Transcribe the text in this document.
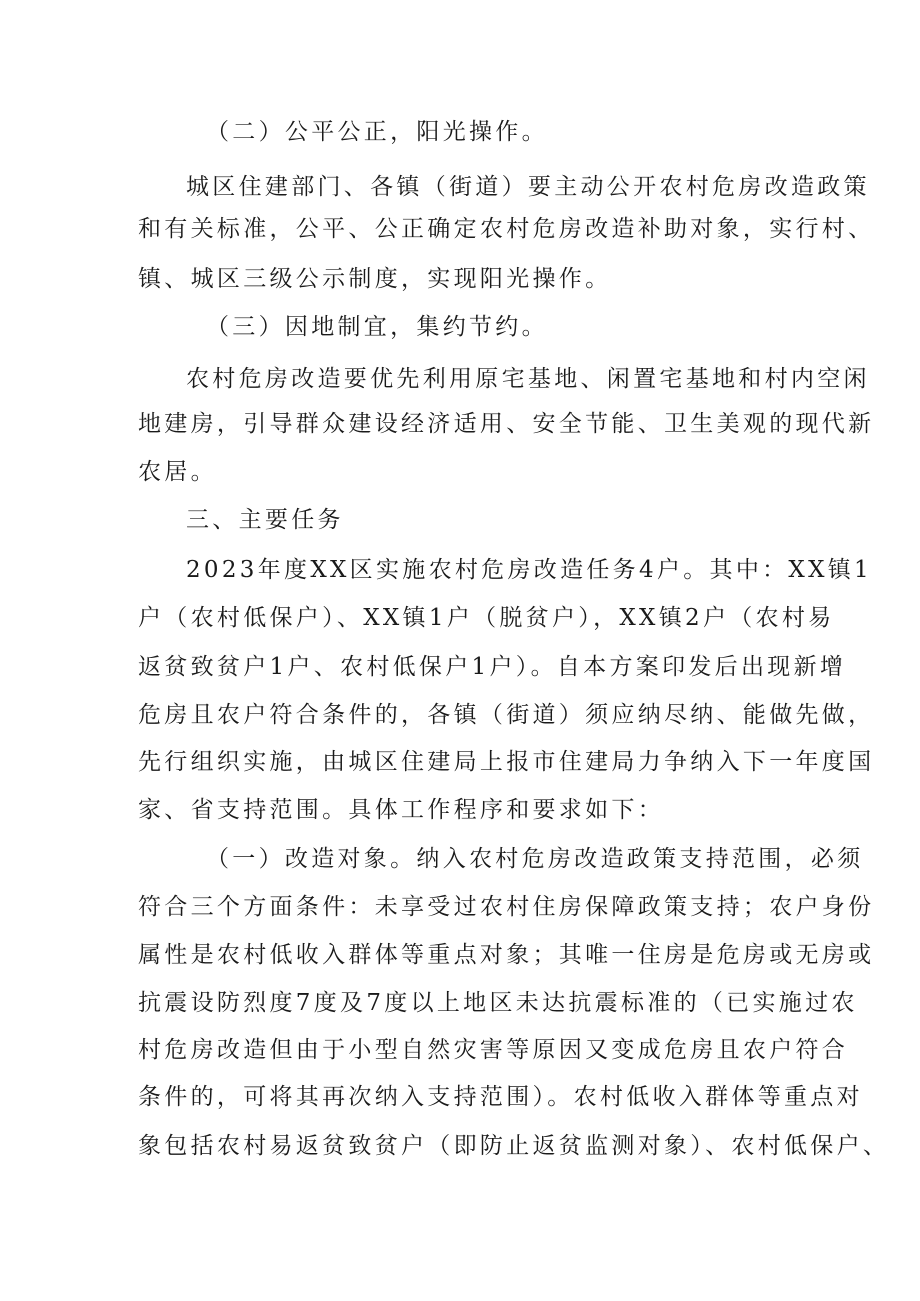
（二）公平公正，阳光操作。
城区住建部门、各镇（街道）要主动公开农村危房改造政策
和有关标准，公平、公正确定农村危房改造补助对象，实行村、
镇、城区三级公示制度，实现阳光操作。
（三）因地制宜，集约节约。
农村危房改造要优先利用原宅基地、闲置宅基地和村内空闲
地建房，引导群众建设经济适用、安全节能、卫生美观的现代新
农居。
三、主要任务
2023年度XX区实施农村危房改造任务4户。其中：XX镇1
户（农村低保户）、XX镇1户（脱贫户），XX镇2户（农村易
返贫致贫户1户、农村低保户1户）。自本方案印发后出现新增
危房且农户符合条件的，各镇（街道）须应纳尽纳、能做先做，
先行组织实施，由城区住建局上报市住建局力争纳入下一年度国
家、省支持范围。具体工作程序和要求如下：
（一）改造对象。纳入农村危房改造政策支持范围，必须
符合三个方面条件：未享受过农村住房保障政策支持；农户身份
属性是农村低收入群体等重点对象；其唯一住房是危房或无房或
抗震设防烈度7度及7度以上地区未达抗震标准的（已实施过农
村危房改造但由于小型自然灾害等原因又变成危房且农户符合
条件的，可将其再次纳入支持范围）。农村低收入群体等重点对
象包括农村易返贫致贫户（即防止返贫监测对象）、农村低保户、
